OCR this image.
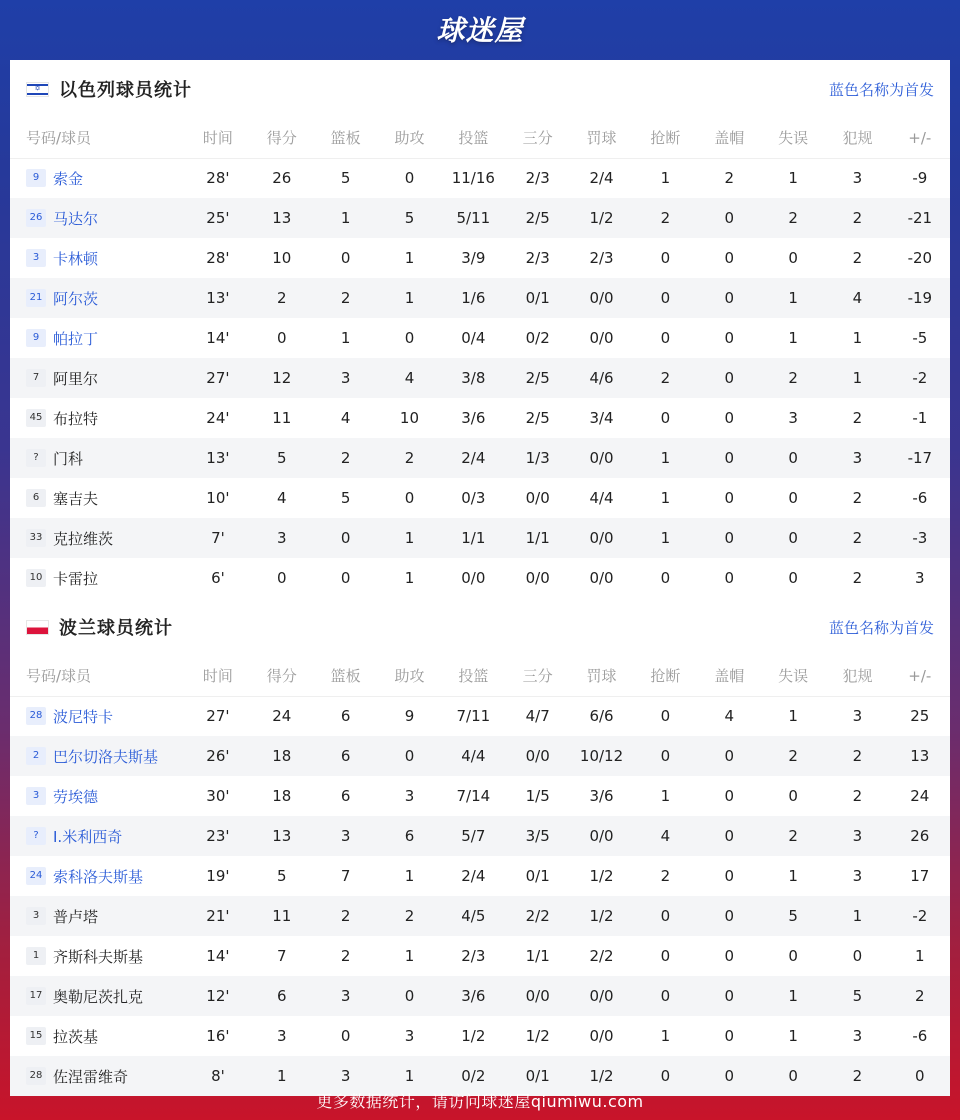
球迷屋
✡ 以色列球员统计	蓝色名称为首发
号码/球员	时间	得分	篮板	助攻	投篮	三分	罚球	抢断	盖帽	失误	犯规	+/-
9 索金	28'	26	5	0	11/16	2/3	2/4	1	2	1	3	-9
26 马达尔	25'	13	1	5	5/11	2/5	1/2	2	0	2	2	-21
3 卡林顿	28'	10	0	1	3/9	2/3	2/3	0	0	0	2	-20
21 阿尔茨	13'	2	2	1	1/6	0/1	0/0	0	0	1	4	-19
9 帕拉丁	14'	0	1	0	0/4	0/2	0/0	0	0	1	1	-5
7 阿里尔	27'	12	3	4	3/8	2/5	4/6	2	0	2	1	-2
45 布拉特	24'	11	4	10	3/6	2/5	3/4	0	0	3	2	-1
? 门科	13'	5	2	2	2/4	1/3	0/0	1	0	0	3	-17
6 塞吉夫	10'	4	5	0	0/3	0/0	4/4	1	0	0	2	-6
33 克拉维茨	7'	3	0	1	1/1	1/1	0/0	1	0	0	2	-3
10 卡雷拉	6'	0	0	1	0/0	0/0	0/0	0	0	0	2	3
波兰球员统计	蓝色名称为首发
号码/球员	时间	得分	篮板	助攻	投篮	三分	罚球	抢断	盖帽	失误	犯规	+/-
28 波尼特卡	27'	24	6	9	7/11	4/7	6/6	0	4	1	3	25
2 巴尔切洛夫斯基	26'	18	6	0	4/4	0/0	10/12	0	0	2	2	13
3 劳埃德	30'	18	6	3	7/14	1/5	3/6	1	0	0	2	24
? I.米利西奇	23'	13	3	6	5/7	3/5	0/0	4	0	2	3	26
24 索科洛夫斯基	19'	5	7	1	2/4	0/1	1/2	2	0	1	3	17
3 普卢塔	21'	11	2	2	4/5	2/2	1/2	0	0	5	1	-2
1 齐斯科夫斯基	14'	7	2	1	2/3	1/1	2/2	0	0	0	0	1
17 奥勒尼茨扎克	12'	6	3	0	3/6	0/0	0/0	0	0	1	5	2
15 拉茨基	16'	3	0	3	1/2	1/2	0/0	1	0	1	3	-6
28 佐涅雷维奇	8'	1	3	1	0/2	0/1	1/2	0	0	0	2	0
更多数据统计，请访问球迷屋qiumiwu.com
